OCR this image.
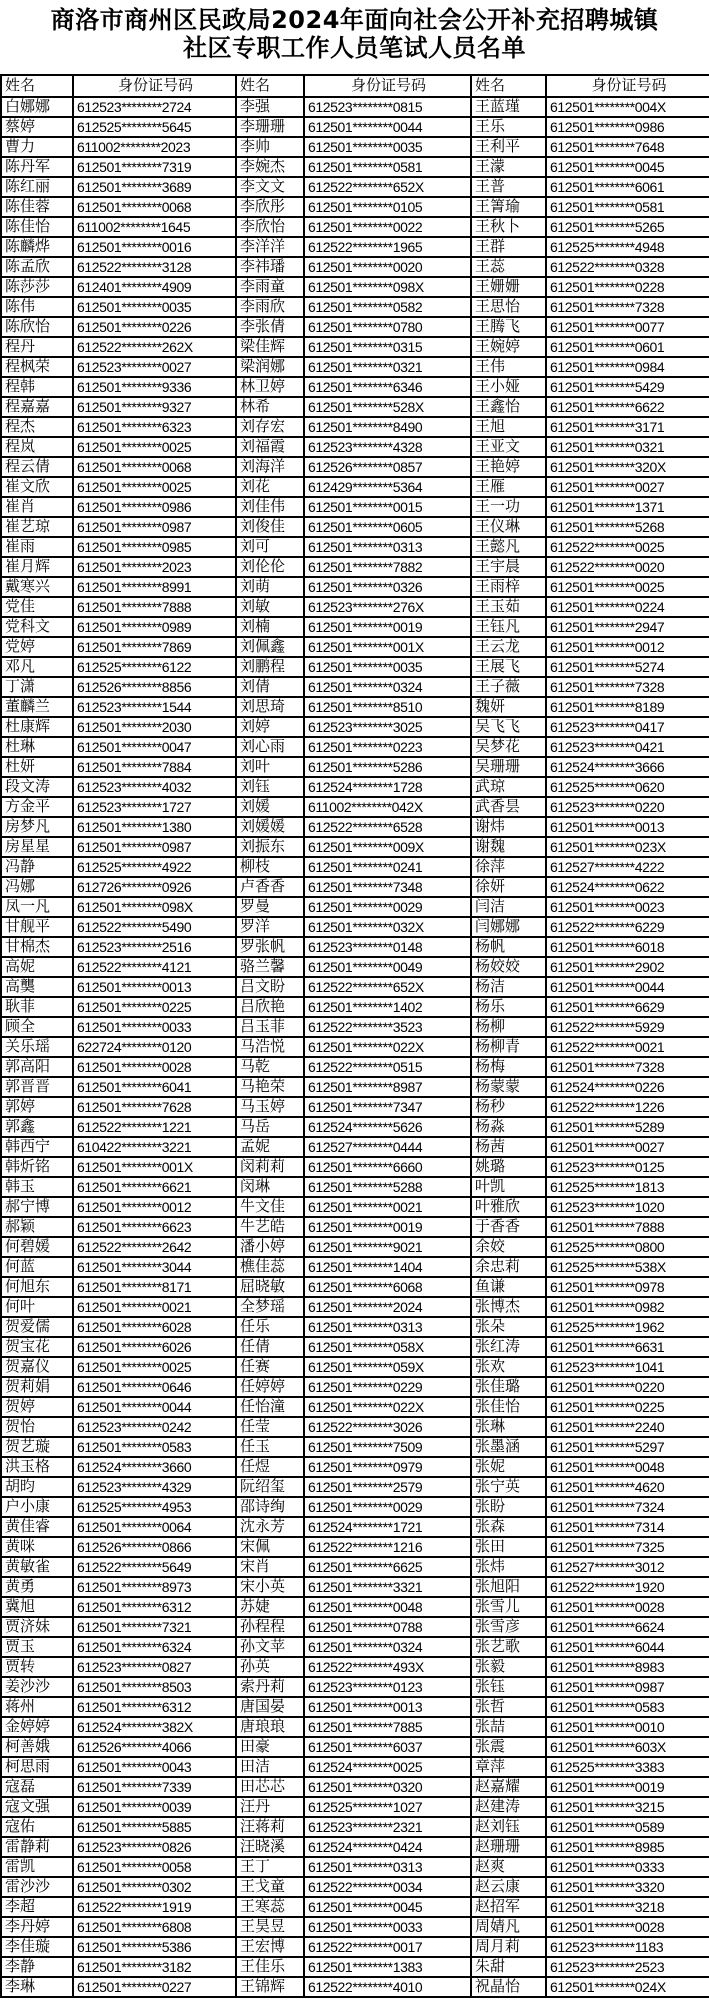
商洛市商州区民政局2024年面向社会公开补充招聘城镇
社区专职工作人员笔试人员名单
姓名	身份证号码	姓名	身份证号码	姓名	身份证号码
白娜娜	612523********2724	李强	612523********0815	王蓝瑾	612501********004X
蔡婷	612525********5645	李珊珊	612501********0044	王乐	612501********0986
曹力	611002********2023	李帅	612501********0035	王利平	612501********7648
陈丹军	612501********7319	李婉杰	612501********0581	王濛	612501********0045
陈红丽	612501********3689	李文文	612522********652X	王普	612501********6061
陈佳蓉	612501********0068	李欣彤	612501********0105	王箐瑜	612501********0581
陈佳怡	611002********1645	李欣怡	612501********0022	王秋卜	612501********5265
陈麟烨	612501********0016	李洋洋	612522********1965	王群	612525********4948
陈孟欣	612522********3128	李祎璠	612501********0020	王蕊	612522********0328
陈莎莎	612401********4909	李雨童	612501********098X	王姗姗	612501********0228
陈伟	612501********0035	李雨欣	612501********0582	王思怡	612501********7328
陈欣怡	612501********0226	李张倩	612501********0780	王腾飞	612501********0077
程丹	612522********262X	梁佳辉	612501********0315	王婉婷	612501********0601
程枫荣	612523********0027	梁润娜	612501********0321	王伟	612501********0984
程韩	612501********9336	林卫婷	612501********6346	王小娅	612501********5429
程嘉嘉	612501********9327	林希	612501********528X	王鑫怡	612501********6622
程杰	612501********6323	刘存宏	612501********8490	王旭	612501********3171
程岚	612501********0025	刘福霞	612523********4328	王亚文	612501********0321
程云倩	612501********0068	刘海洋	612526********0857	王艳婷	612501********320X
崔文欣	612501********0025	刘花	612429********5364	王雁	612501********0027
崔肖	612501********0986	刘佳伟	612501********0015	王一功	612501********1371
崔艺琼	612501********0987	刘俊佳	612501********0605	王仪琳	612501********5268
崔雨	612501********0985	刘可	612501********0313	王懿凡	612522********0025
崔月辉	612501********2023	刘伦伦	612501********7882	王宇晨	612522********0020
戴寒兴	612501********8991	刘萌	612501********0326	王雨梓	612501********0025
党佳	612501********7888	刘敏	612523********276X	王玉茹	612501********0224
党科文	612501********0989	刘楠	612501********0019	王钰凡	612501********2947
党婷	612501********7869	刘佩鑫	612501********001X	王云龙	612501********0012
邓凡	612525********6122	刘鹏程	612501********0035	王展飞	612501********5274
丁潇	612526********8856	刘倩	612501********0324	王子薇	612501********7328
董麟兰	612523********1544	刘思琦	612501********8510	魏妍	612501********8189
杜康辉	612501********2030	刘婷	612523********3025	吴飞飞	612523********0417
杜琳	612501********0047	刘心雨	612501********0223	吴梦花	612523********0421
杜妍	612501********7884	刘叶	612501********5286	吴珊珊	612524********3666
段文涛	612523********4032	刘钰	612524********1728	武琼	612525********0620
方金平	612523********1727	刘媛	611002********042X	武香昙	612523********0220
房梦凡	612501********1380	刘媛媛	612522********6528	谢炜	612501********0013
房星星	612501********0987	刘振东	612501********009X	谢魏	612501********023X
冯静	612525********4922	柳枝	612501********0241	徐萍	612527********4222
冯娜	612726********0926	卢香香	612501********7348	徐妍	612524********0622
凤一凡	612501********098X	罗曼	612501********0029	闫洁	612501********0023
甘舰平	612522********5490	罗洋	612501********032X	闫娜娜	612522********6229
甘棉杰	612523********2516	罗张帆	612523********0148	杨帆	612501********6018
高妮	612522********4121	骆兰馨	612501********0049	杨姣姣	612501********2902
高龑	612501********0013	吕文盼	612522********652X	杨洁	612501********0044
耿菲	612501********0225	吕欣艳	612501********1402	杨乐	612501********6629
顾全	612501********0033	吕玉菲	612522********3523	杨柳	612522********5929
关乐瑶	622724********0120	马浩悦	612501********022X	杨柳青	612522********0021
郭高阳	612501********0028	马乾	612522********0515	杨梅	612501********7328
郭晋晋	612501********6041	马艳荣	612501********8987	杨蒙蒙	612524********0226
郭婷	612501********7628	马玉婷	612501********7347	杨秒	612522********1226
郭鑫	612522********1221	马岳	612524********5626	杨淼	612501********5289
韩西宁	610422********3221	孟妮	612527********0444	杨茜	612501********0027
韩炘铭	612501********001X	闵莉莉	612501********6660	姚璐	612523********0125
韩玉	612501********6621	闵琳	612501********5288	叶凯	612525********1813
郝宁博	612501********0012	牛文佳	612501********0021	叶雅欣	612523********1020
郝颖	612501********6623	牛艺皓	612501********0019	于香香	612501********7888
何碧媛	612522********2642	潘小婷	612501********9021	余姣	612525********0800
何蓝	612501********3044	樵佳蕊	612501********1404	余忠莉	612525********538X
何旭东	612501********8171	屈晓敏	612501********6068	鱼谦	612501********0978
何叶	612501********0021	全梦瑶	612501********2024	张博杰	612501********0982
贺爱儒	612501********6028	任乐	612501********0313	张朵	612525********1962
贺宝花	612501********6026	任倩	612501********058X	张红涛	612501********6631
贺嘉仪	612501********0025	任赛	612501********059X	张欢	612523********1041
贺莉娟	612501********0646	任婷婷	612501********0229	张佳璐	612501********0220
贺婷	612501********0044	任怡潼	612501********022X	张佳怡	612501********0225
贺怡	612523********0242	任莹	612522********3026	张琳	612501********2240
贺艺璇	612501********0583	任玉	612501********7509	张墨涵	612501********5297
洪玉格	612524********3660	任煜	612501********0979	张妮	612501********0048
胡昀	612523********4329	阮绍玺	612501********2579	张宁英	612501********4620
户小康	612525********4953	邵诗绚	612501********0029	张盼	612501********7324
黄佳睿	612501********0064	沈永芳	612524********1721	张森	612501********7314
黄咪	612526********0866	宋佩	612522********1216	张田	612501********7325
黄敏雀	612522********5649	宋肖	612501********6625	张炜	612527********3012
黄勇	612501********8973	宋小英	612501********3321	张旭阳	612522********1920
冀旭	612501********6312	苏婕	612501********0048	张雪儿	612501********0028
贾济妹	612501********7321	孙程程	612501********0788	张雪彦	612501********6624
贾玉	612501********6324	孙文苹	612501********0324	张艺歌	612501********6044
贾转	612523********0827	孙英	612522********493X	张毅	612501********8983
姜沙沙	612501********8503	索丹莉	612523********0123	张钰	612501********0987
蒋州	612501********6312	唐国晏	612501********0013	张哲	612501********0583
金婷婷	612524********382X	唐琅琅	612501********7885	张喆	612501********0010
柯善娥	612526********4066	田豪	612501********6037	张震	612501********603X
柯思雨	612501********0043	田洁	612524********0025	章萍	612525********3383
寇磊	612501********7339	田芯芯	612501********0320	赵嘉耀	612501********0019
寇文强	612501********0039	汪丹	612525********1027	赵建涛	612501********3215
寇佑	612501********5885	汪蒋莉	612523********2321	赵刘钰	612501********0589
雷静莉	612523********0826	汪晓溪	612524********0424	赵珊珊	612501********8985
雷凯	612501********0058	王丁	612501********0313	赵爽	612501********0333
雷沙沙	612501********0302	王戈童	612522********0034	赵云康	612501********3320
李超	612522********1919	王寒蕊	612501********0045	赵招军	612501********3218
李丹婷	612501********6808	王昊昱	612501********0033	周婧凡	612501********0028
李佳璇	612501********5386	王宏博	612522********0017	周月莉	612523********1183
李静	612501********3182	王佳乐	612501********1383	朱甜	612523********2523
李琳	612501********0227	王锦辉	612522********4010	祝晶怡	612501********024X
